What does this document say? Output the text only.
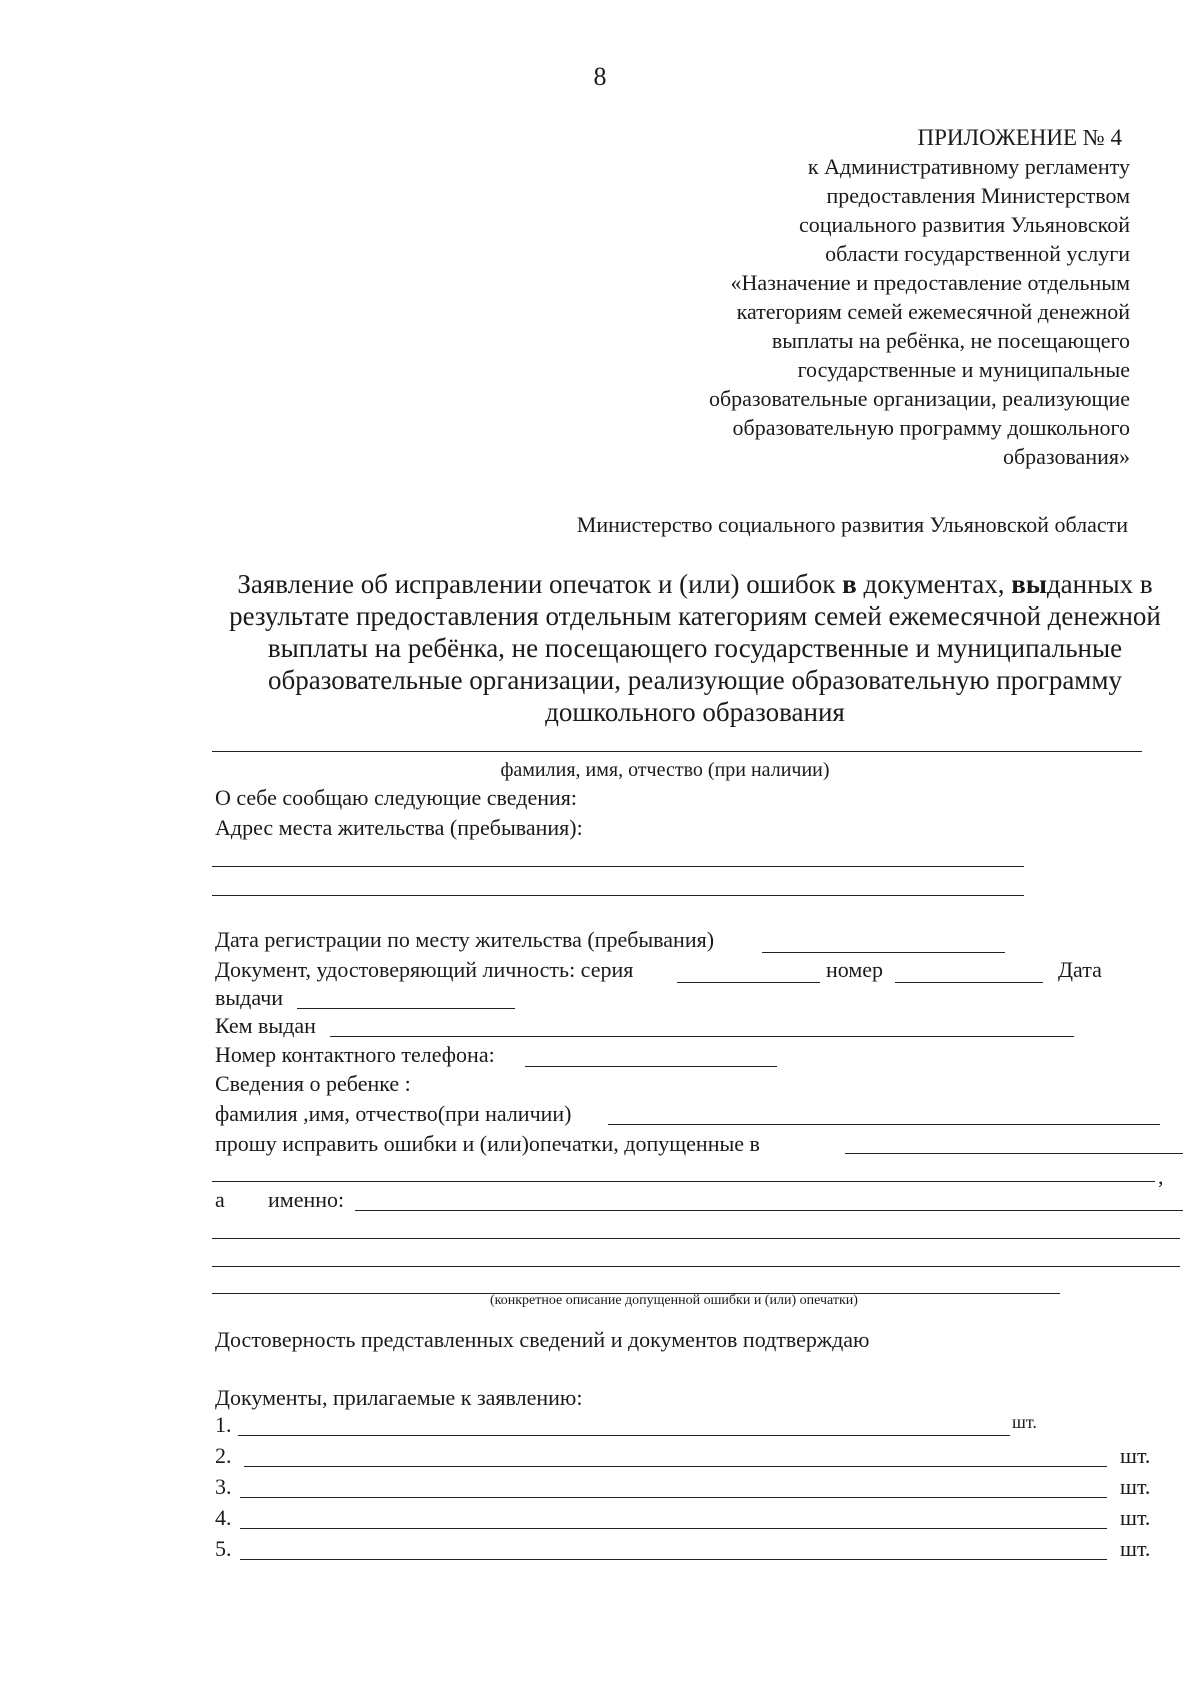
8
ПРИЛОЖЕНИЕ № 4
к Административному регламенту
предоставления Министерством
социального развития Ульяновской
области государственной услуги
«Назначение и предоставление отдельным
категориям семей ежемесячной денежной
выплаты на ребёнка, не посещающего
государственные и муниципальные
образовательные организации, реализующие
образовательную программу дошкольного
образования»
Министерство социального развития Ульяновской области
Заявление об исправлении опечаток и (или) ошибок в документах, выданных в результате предоставления отдельным категориям семей ежемесячной денежной выплаты на ребёнка, не посещающего государственные и муниципальные образовательные организации, реализующие образовательную программу дошкольного образования
фамилия, имя, отчество (при наличии)
О себе сообщаю следующие сведения:
Адрес места жительства (пребывания):
Дата регистрации по месту жительства (пребывания)
Документ, удостоверяющий личность: серия	номер	Дата
выдачи
Кем выдан
Номер контактного телефона:
Сведения о ребенке :
фамилия ,имя, отчество(при наличии)
прошу исправить ошибки и (или)опечатки, допущенные в
,
а именно:
(конкретное описание допущенной ошибки и (или) опечатки)
Достоверность представленных сведений и документов подтверждаю
Документы, прилагаемые к заявлению:
1.	шт.
2.	шт.
3.	шт.
4.	шт.
5.	шт.
